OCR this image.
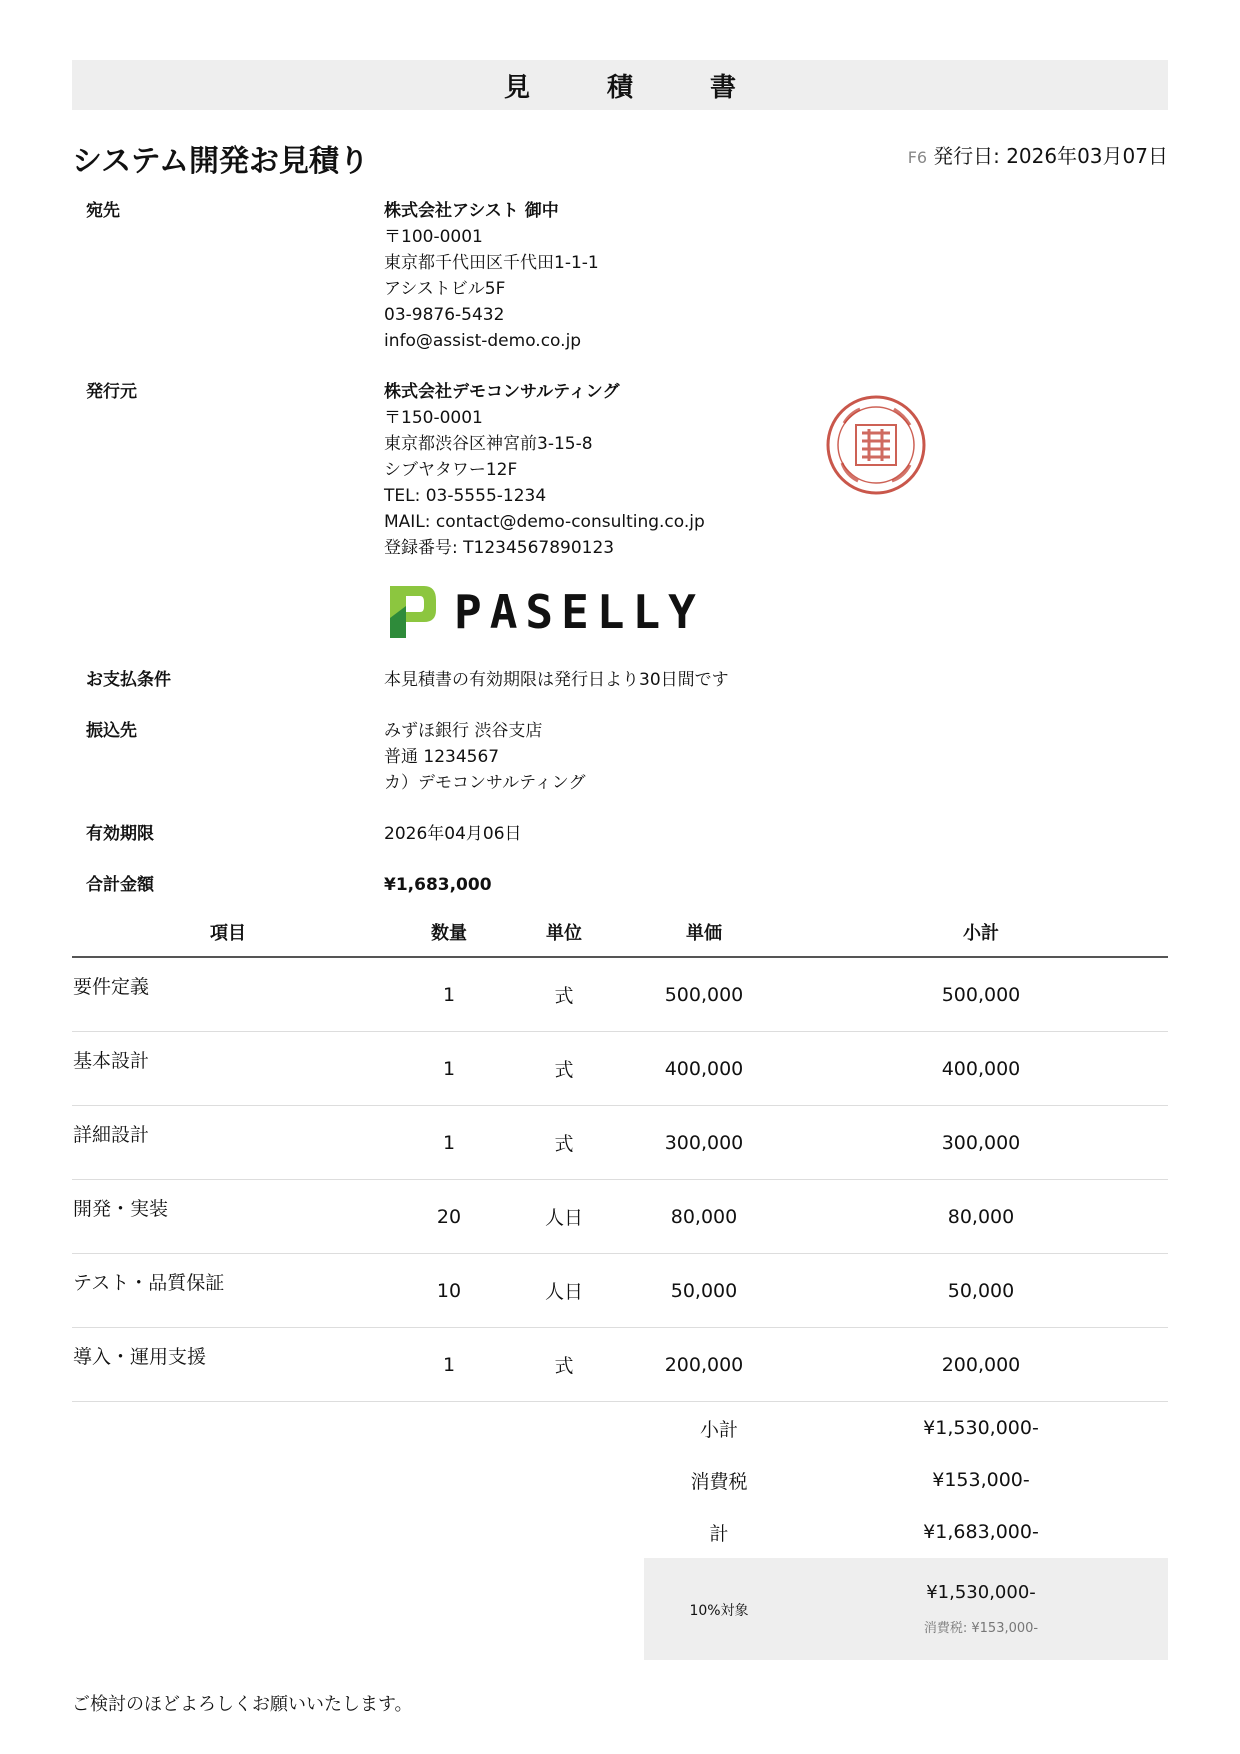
見 積 書
システム開発お見積り	F6 発行日: 2026年03月07日
宛先	株式会社アシスト 御中
〒100-0001
東京都千代田区千代田1-1-1
アシストビル5F
03-9876-5432
info@assist-demo.co.jp
発行元	株式会社デモコンサルティング
〒150-0001
東京都渋谷区神宮前3-15-8
シブヤタワー12F
TEL: 03-5555-1234
MAIL: contact@demo-consulting.co.jp
登録番号: T1234567890123
PASELLY
お支払条件	本見積書の有効期限は発行日より30日間です
振込先	みずほ銀行 渋谷支店
普通 1234567
カ）デモコンサルティング
有効期限	2026年04月06日
合計金額	¥1,683,000
項目	数量	単位	単価	小計
要件定義	1	式	500,000	500,000
基本設計	1	式	400,000	400,000
詳細設計	1	式	300,000	300,000
開発・実装	20	人日	80,000	80,000
テスト・品質保証	10	人日	50,000	50,000
導入・運用支援	1	式	200,000	200,000
	小計	¥1,530,000-
	消費税	¥153,000-
	計	¥1,683,000-
	10%対象	¥1,530,000-
消費税: ¥153,000-
ご検討のほどよろしくお願いいたします。
